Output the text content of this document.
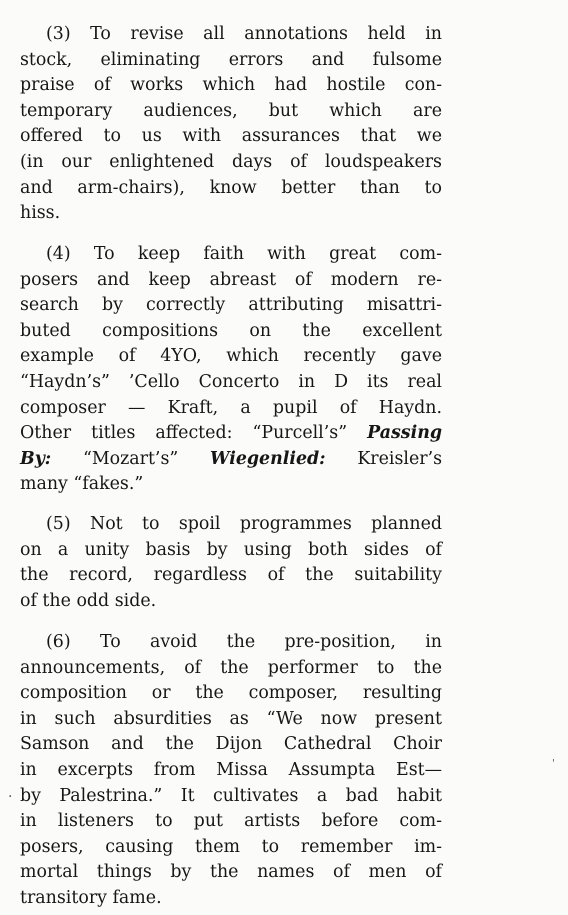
(3) To revise all annotations held in
stock, eliminating errors and fulsome
praise of works which had hostile con-
temporary audiences, but which are
offered to us with assurances that we
(in our enlightened days of loudspeakers
and arm-chairs), know better than to
hiss.
(4) To keep faith with great com-
posers and keep abreast of modern re-
search by correctly attributing misattri-
buted compositions on the excellent
example of 4YO, which recently gave
“Haydn’s” ’Cello Concerto in D its real
composer — Kraft, a pupil of Haydn.
Other titles affected: “Purcell’s” Passing
By: “Mozart’s” Wiegenlied: Kreisler’s
many “fakes.”
(5) Not to spoil programmes planned
on a unity basis by using both sides of
the record, regardless of the suitability
of the odd side.
(6) To avoid the pre-position, in
announcements, of the performer to the
composition or the composer, resulting
in such absurdities as “We now present
Samson and the Dijon Cathedral Choir
in excerpts from Missa Assumpta Est—
by Palestrina.” It cultivates a bad habit
in listeners to put artists before com-
posers, causing them to remember im-
mortal things by the names of men of
transitory fame.
.
'
